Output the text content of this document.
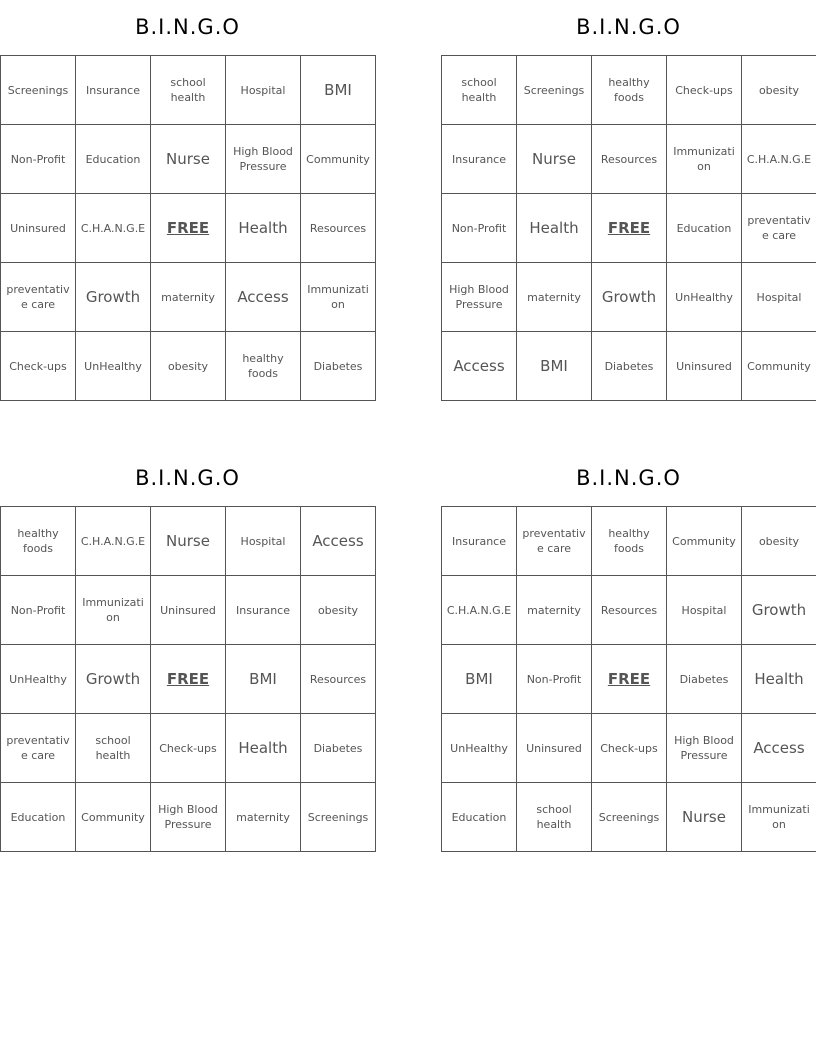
B.I.N.G.O
Screenings	Insurance	school health	Hospital	BMI
Non-Profit	Education	Nurse	High Blood Pressure	Community
Uninsured	C.H.A.N.G.E	FREE	Health	Resources
preventative care	Growth	maternity	Access	Immunization
Check-ups	UnHealthy	obesity	healthy foods	Diabetes
B.I.N.G.O
school health	Screenings	healthy foods	Check-ups	obesity
Insurance	Nurse	Resources	Immunization	C.H.A.N.G.E
Non-Profit	Health	FREE	Education	preventative care
High Blood Pressure	maternity	Growth	UnHealthy	Hospital
Access	BMI	Diabetes	Uninsured	Community
B.I.N.G.O
healthy foods	C.H.A.N.G.E	Nurse	Hospital	Access
Non-Profit	Immunization	Uninsured	Insurance	obesity
UnHealthy	Growth	FREE	BMI	Resources
preventative care	school health	Check-ups	Health	Diabetes
Education	Community	High Blood Pressure	maternity	Screenings
B.I.N.G.O
Insurance	preventative care	healthy foods	Community	obesity
C.H.A.N.G.E	maternity	Resources	Hospital	Growth
BMI	Non-Profit	FREE	Diabetes	Health
UnHealthy	Uninsured	Check-ups	High Blood Pressure	Access
Education	school health	Screenings	Nurse	Immunization
